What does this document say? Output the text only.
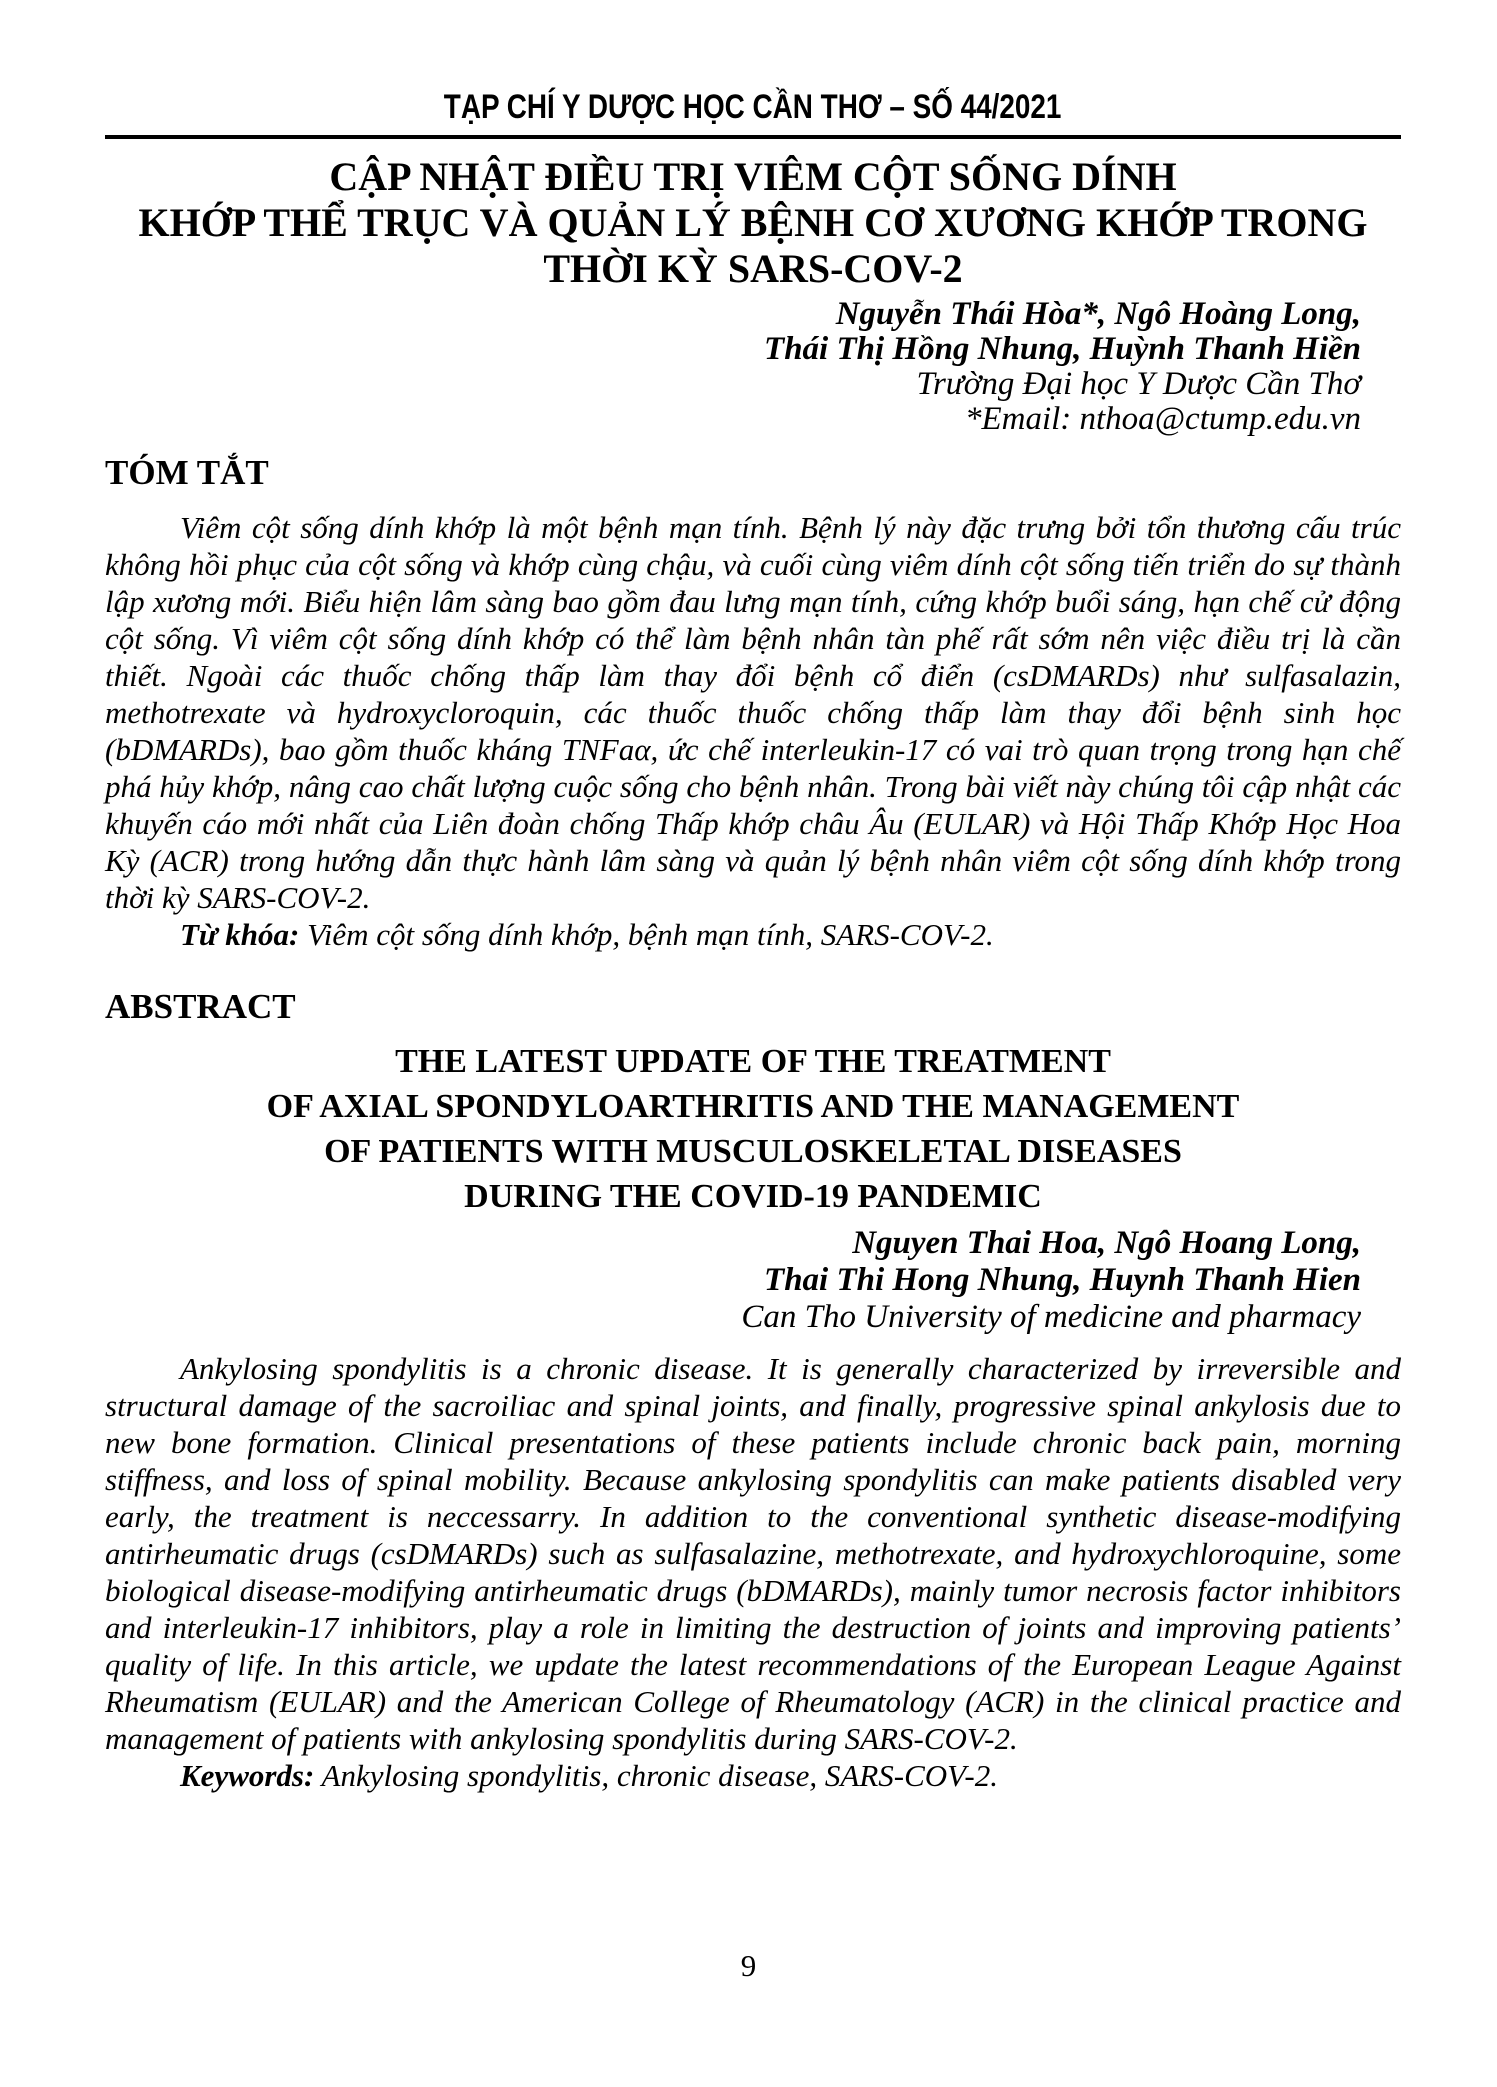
TẠP CHÍ Y DƯỢC HỌC CẦN THƠ – SỐ 44/2021
CẬP NHẬT ĐIỀU TRỊ VIÊM CỘT SỐNG DÍNH
KHỚP THỂ TRỤC VÀ QUẢN LÝ BỆNH CƠ XƯƠNG KHỚP TRONG
THỜI KỲ SARS-COV-2
Nguyễn Thái Hòa*, Ngô Hoàng Long,
Thái Thị Hồng Nhung, Huỳnh Thanh Hiền
Trường Đại học Y Dược Cần Thơ
*Email: nthoa@ctump.edu.vn
TÓM TẮT
Viêm cột sống dính khớp là một bệnh mạn tính. Bệnh lý này đặc trưng bởi tổn thương cấu trúc không hồi phục của cột sống và khớp cùng chậu, và cuối cùng viêm dính cột sống tiến triển do sự thành lập xương mới. Biểu hiện lâm sàng bao gồm đau lưng mạn tính, cứng khớp buổi sáng, hạn chế cử động cột sống. Vì viêm cột sống dính khớp có thể làm bệnh nhân tàn phế rất sớm nên việc điều trị là cần thiết. Ngoài các thuốc chống thấp làm thay đổi bệnh cổ điển (csDMARDs) như sulfasalazin, methotrexate và hydroxycloroquin, các thuốc thuốc chống thấp làm thay đổi bệnh sinh học (bDMARDs), bao gồm thuốc kháng TNFaα, ức chế interleukin-17 có vai trò quan trọng trong hạn chế phá hủy khớp, nâng cao chất lượng cuộc sống cho bệnh nhân. Trong bài viết này chúng tôi cập nhật các khuyến cáo mới nhất của Liên đoàn chống Thấp khớp châu Âu (EULAR) và Hội Thấp Khớp Học Hoa Kỳ (ACR) trong hướng dẫn thực hành lâm sàng và quản lý bệnh nhân viêm cột sống dính khớp trong thời kỳ SARS-COV-2.
Từ khóa: Viêm cột sống dính khớp, bệnh mạn tính, SARS-COV-2.
ABSTRACT
THE LATEST UPDATE OF THE TREATMENT
OF AXIAL SPONDYLOARTHRITIS AND THE MANAGEMENT
OF PATIENTS WITH MUSCULOSKELETAL DISEASES
DURING THE COVID-19 PANDEMIC
Nguyen Thai Hoa, Ngô Hoang Long,
Thai Thi Hong Nhung, Huynh Thanh Hien
Can Tho University of medicine and pharmacy
Ankylosing spondylitis is a chronic disease. It is generally characterized by irreversible and structural damage of the sacroiliac and spinal joints, and finally, progressive spinal ankylosis due to new bone formation. Clinical presentations of these patients include chronic back pain, morning stiffness, and loss of spinal mobility. Because ankylosing spondylitis can make patients disabled very early, the treatment is neccessarry. In addition to the conventional synthetic disease-modifying antirheumatic drugs (csDMARDs) such as sulfasalazine, methotrexate, and hydroxychloroquine, some biological disease-modifying antirheumatic drugs (bDMARDs), mainly tumor necrosis factor inhibitors and interleukin-17 inhibitors, play a role in limiting the destruction of joints and improving patients’ quality of life. In this article, we update the latest recommendations of the European League Against Rheumatism (EULAR) and the American College of Rheumatology (ACR) in the clinical practice and management of patients with ankylosing spondylitis during SARS-COV-2.
Keywords: Ankylosing spondylitis, chronic disease, SARS-COV-2.
9
